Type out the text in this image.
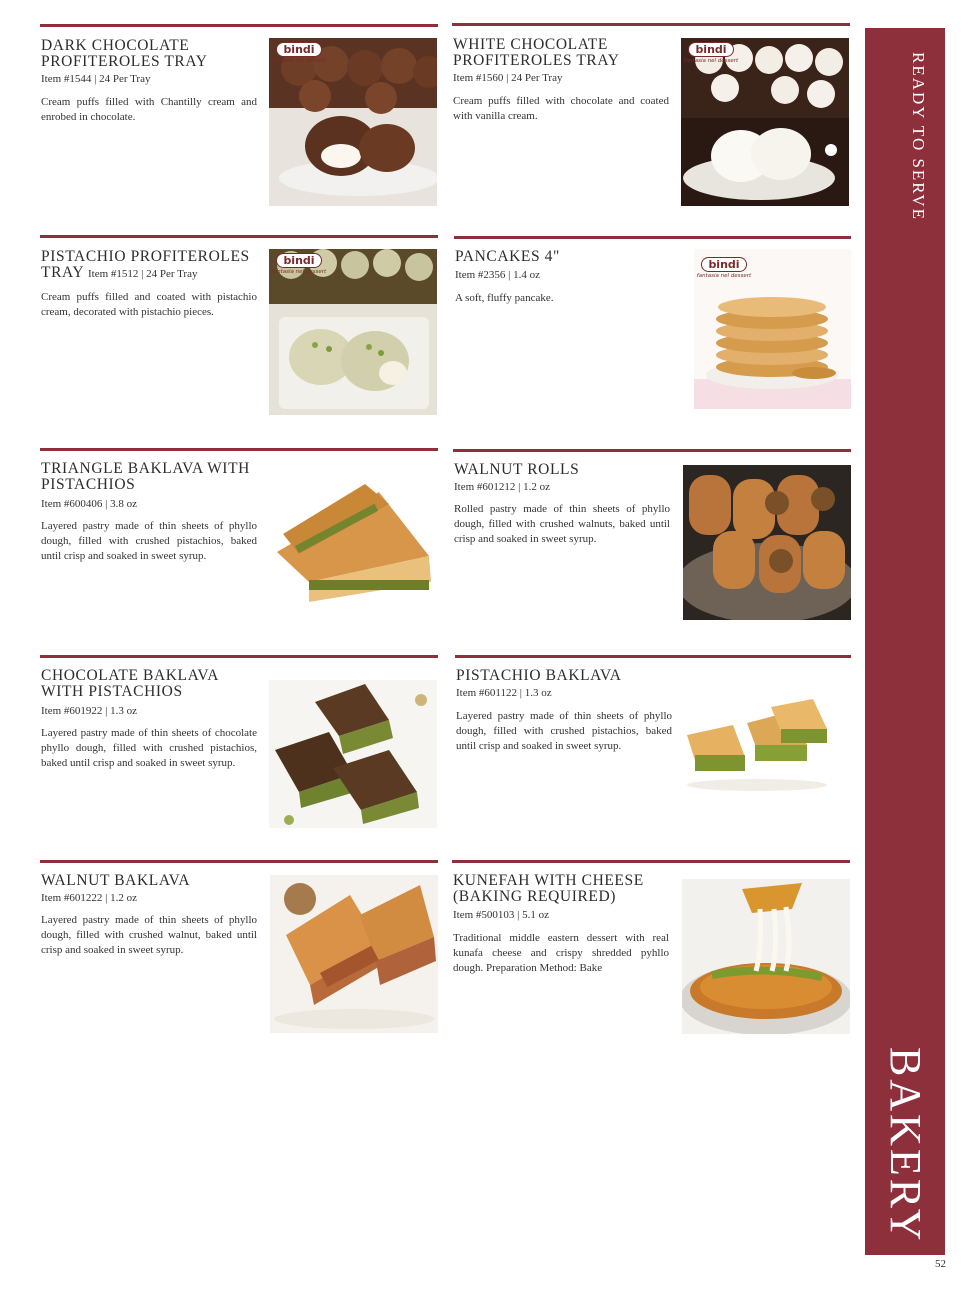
DARK CHOCOLATE PROFITEROLES TRAY
Item #1544 | 24 Per Tray
Cream puffs filled with Chantilly cream and enrobed in chocolate.
bindi
fantasia nel dessert
WHITE CHOCOLATE PROFITEROLES TRAY
Item #1560 | 24 Per Tray
Cream puffs filled with chocolate and coated with vanilla cream.
bindi
fantasia nel dessert
PISTACHIO PROFITEROLES TRAY Item #1512 | 24 Per Tray
Cream puffs filled and coated with pistachio cream, decorated with pistachio pieces.
bindi
fantasia nel dessert
PANCAKES 4"
Item #2356 | 1.4 oz
A soft, fluffy pancake.
bindi
fantasia nel dessert
TRIANGLE BAKLAVA WITH PISTACHIOS
Item #600406 | 3.8 oz
Layered pastry made of thin sheets of phyllo dough, filled with crushed pistachios, baked until crisp and soaked in sweet syrup.
WALNUT ROLLS
Item #601212 | 1.2 oz
Rolled pastry made of thin sheets of phyllo dough, filled with crushed walnuts, baked until crisp and soaked in sweet syrup.
CHOCOLATE BAKLAVA WITH PISTACHIOS
Item #601922 | 1.3 oz
Layered pastry made of thin sheets of chocolate phyllo dough, filled with crushed pistachios, baked until crisp and soaked in sweet syrup.
PISTACHIO BAKLAVA
Item #601122 | 1.3 oz
Layered pastry made of thin sheets of phyllo dough, filled with crushed pistachios, baked until crisp and soaked in sweet syrup.
WALNUT BAKLAVA
Item #601222 | 1.2 oz
Layered pastry made of thin sheets of phyllo dough, filled with crushed walnut, baked until crisp and soaked in sweet syrup.
KUNEFAH WITH CHEESE (BAKING REQUIRED)
Item #500103 | 5.1 oz
Traditional middle eastern dessert with real kunafa cheese and crispy shredded pyhllo dough. Preparation Method: Bake
READY TO SERVE
BAKERY
52
